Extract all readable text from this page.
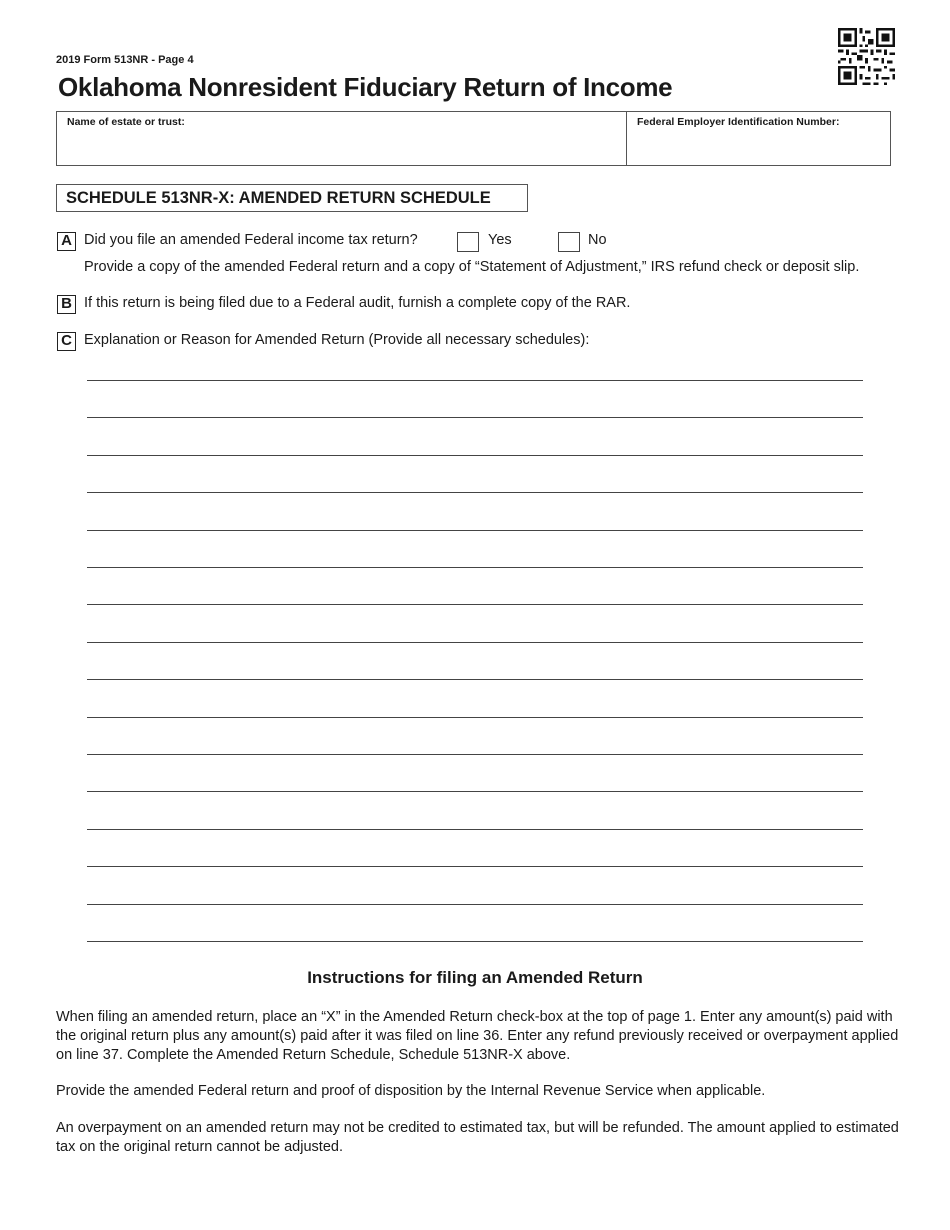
2019 Form 513NR - Page 4
Oklahoma Nonresident Fiduciary Return of Income
Name of estate or trust:	Federal Employer Identification Number:
SCHEDULE 513NR-X: AMENDED RETURN SCHEDULE
A Did you file an amended Federal income tax return?	Yes	No
Provide a copy of the amended Federal return and a copy of “Statement of Adjustment,” IRS refund check or deposit slip.
B If this return is being filed due to a Federal audit, furnish a complete copy of the RAR.
C Explanation or Reason for Amended Return (Provide all necessary schedules):
Instructions for filing an Amended Return
When filing an amended return, place an “X” in the Amended Return check-box at the top of page 1. Enter any amount(s) paid with the original return plus any amount(s) paid after it was filed on line 36. Enter any refund previously received or overpayment applied on line 37. Complete the Amended Return Schedule, Schedule 513NR-X above.
Provide the amended Federal return and proof of disposition by the Internal Revenue Service when applicable.
An overpayment on an amended return may not be credited to estimated tax, but will be refunded. The amount applied to estimated tax on the original return cannot be adjusted.
